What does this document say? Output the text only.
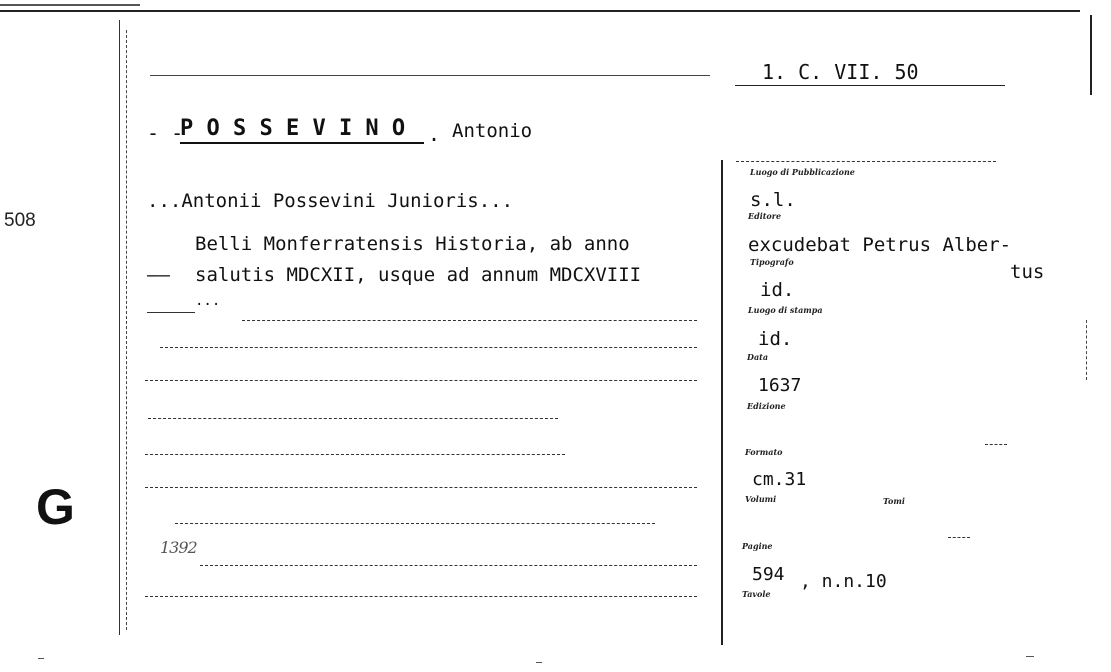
508
G
1. C. VII. 50
- -
P O S S E V I N O . Antonio
...Antonii Possevini Junioris...
Belli Monferratensis Historia, ab anno
—— salutis MDCXII, usque ad annum MDCXVIII
...
1392
Luogo di Pubblicazione
s.l.
Editore
excudebat Petrus Alber-
tus
Tipografo
id.
Luogo di stampa
id.
Data
1637
Edizione
Formato
cm.31
Volumi	Tomi
Pagine
594 , n.n.10
Tavole
